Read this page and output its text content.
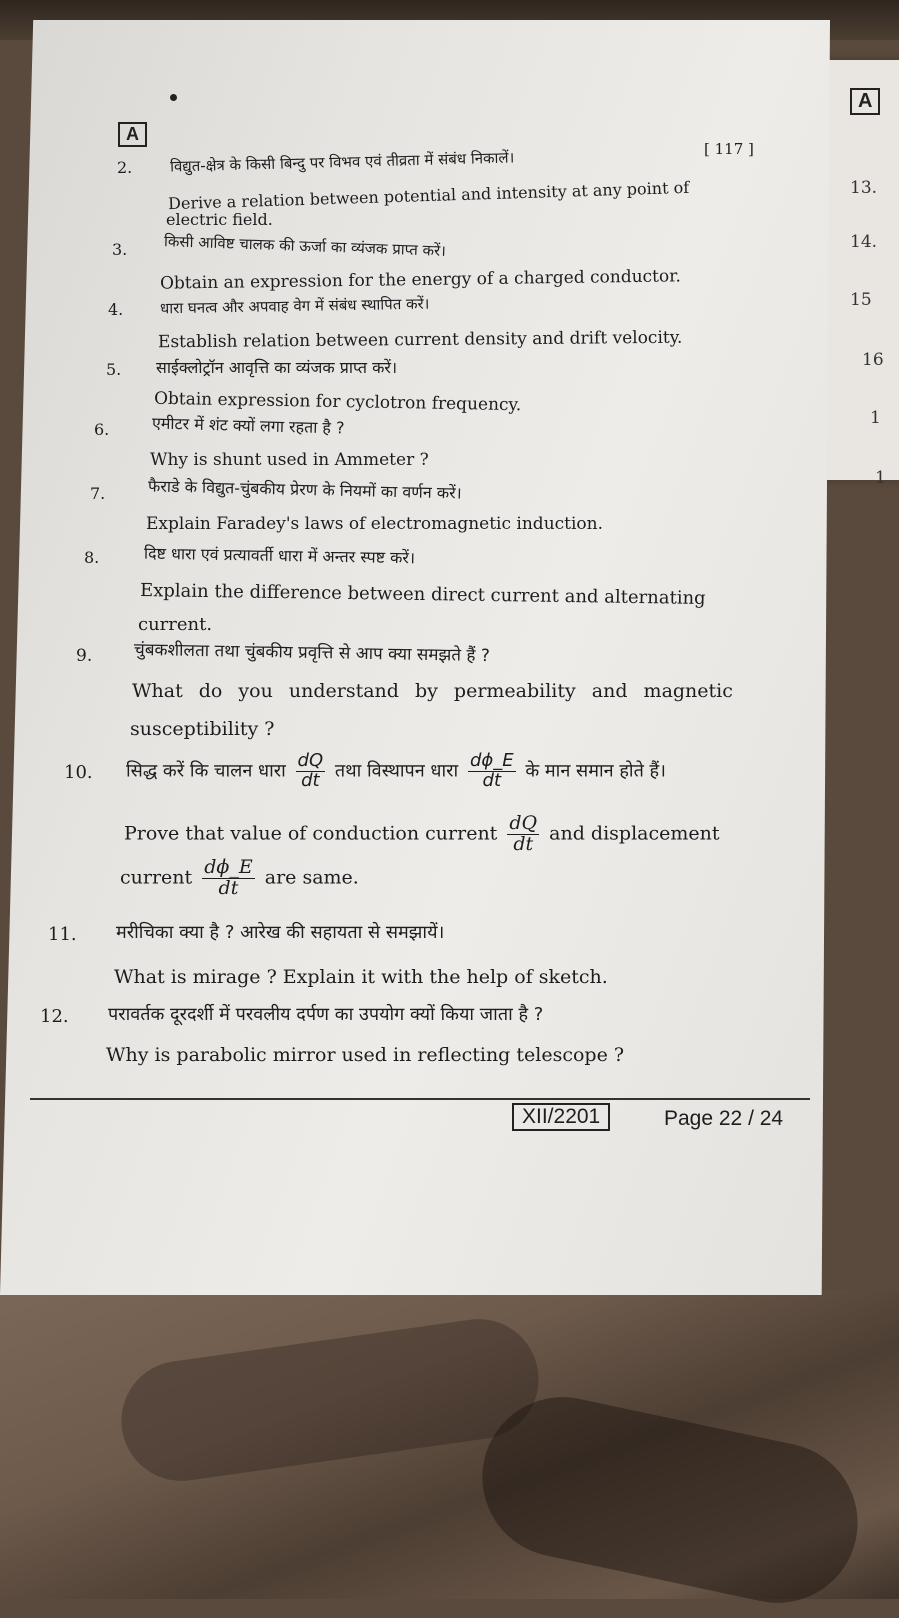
A
13.
14.
15
16
1
1
A
[ 117 ]
2.	विद्युत-क्षेत्र के किसी बिन्दु पर विभव एवं तीव्रता में संबंध निकालें।
Derive a relation between potential and intensity at any point of
electric field.
3. किसी आविष्ट चालक की ऊर्जा का व्यंजक प्राप्त करें।
Obtain an expression for the energy of a charged conductor.
4. धारा घनत्व और अपवाह वेग में संबंध स्थापित करें।
Establish relation between current density and drift velocity.
5. साईक्लोट्रॉन आवृत्ति का व्यंजक प्राप्त करें।
Obtain expression for cyclotron frequency.
6.	एमीटर में शंट क्यों लगा रहता है ?
Why is shunt used in Ammeter ?
7.	फैराडे के विद्युत-चुंबकीय प्रेरण के नियमों का वर्णन करें।
Explain Faradey's laws of electromagnetic induction.
8.	दिष्ट धारा एवं प्रत्यावर्ती धारा में अन्तर स्पष्ट करें।
Explain the difference between direct current and alternating
current.
9. चुंबकशीलता तथा चुंबकीय प्रवृत्ति से आप क्या समझते हैं ?
What do you understand by permeability and magnetic
susceptibility ?
10. सिद्ध करें कि चालन धारा $\frac{dQ}{dt}$ तथा विस्थापन धारा $\frac{d\phi\_E}{dt}$ के मान समान होते हैं।
Prove that value of conduction current $\frac{dQ}{dt}$ and displacement
current $\frac{d\phi\_E}{dt}$ are same.
11. मरीचिका क्या है ? आरेख की सहायता से समझायें।
What is mirage ? Explain it with the help of sketch.
12. परावर्तक दूरदर्शी में परवलीय दर्पण का उपयोग क्यों किया जाता है ?
Why is parabolic mirror used in reflecting telescope ?
XII/2201	Page 22 / 24
